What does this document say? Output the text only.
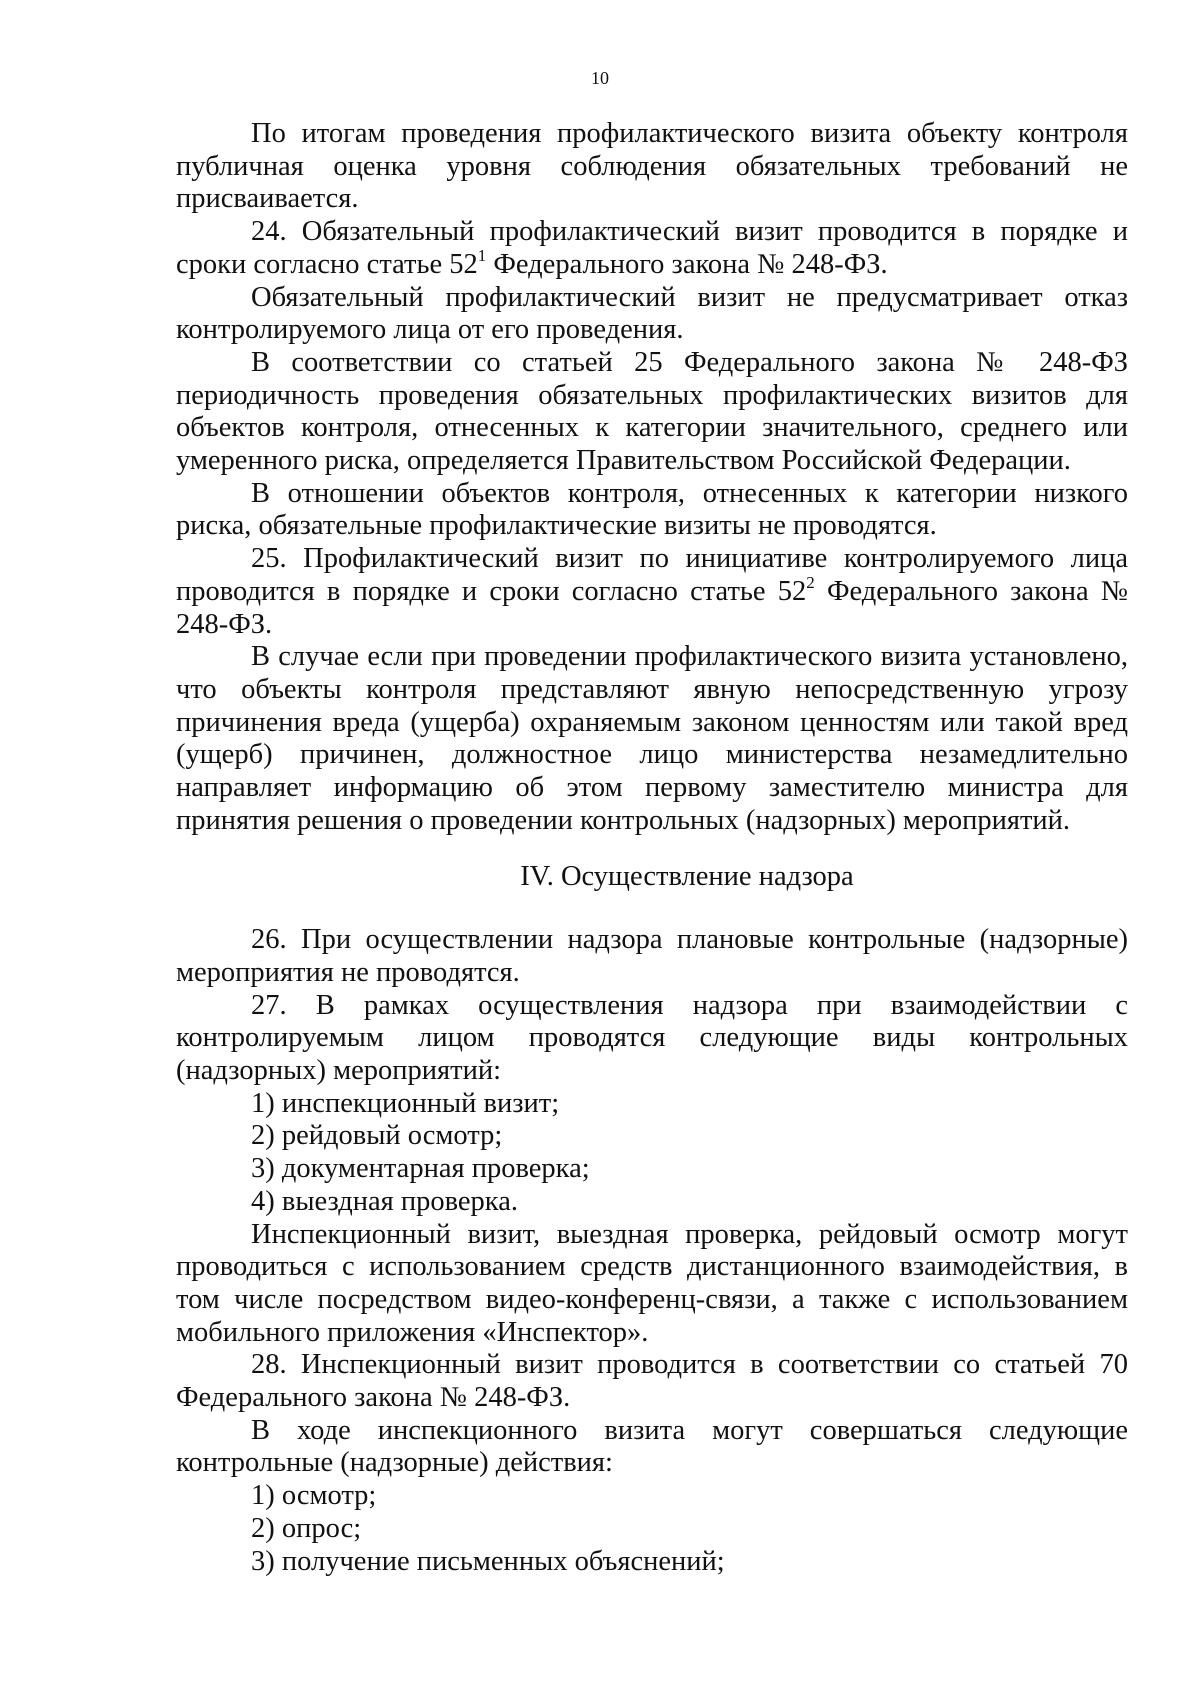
10

По итогам проведения профилактического визита объекту контроля публичная оценка уровня соблюдения обязательных требований не присваивается.

24. Обязательный профилактический визит проводится в порядке и сроки согласно статье $52^1$ Федерального закона № 248-ФЗ.

Обязательный профилактический визит не предусматривает отказ контролируемого лица от его проведения.

В соответствии со статьей 25 Федерального закона № 248-ФЗ периодичность проведения обязательных профилактических визитов для объектов контроля, отнесенных к категории значительного, среднего или умеренного риска, определяется Правительством Российской Федерации.

В отношении объектов контроля, отнесенных к категории низкого риска, обязательные профилактические визиты не проводятся.

25. Профилактический визит по инициативе контролируемого лица проводится в порядке и сроки согласно статье $52^2$ Федерального закона № 248-ФЗ.

В случае если при проведении профилактического визита установлено, что объекты контроля представляют явную непосредственную угрозу причинения вреда (ущерба) охраняемым законом ценностям или такой вред (ущерб) причинен, должностное лицо министерства незамедлительно направляет информацию об этом первому заместителю министра для принятия решения о проведении контрольных (надзорных) мероприятий.

IV. Осуществление надзора

26. При осуществлении надзора плановые контрольные (надзорные) мероприятия не проводятся.

27. В рамках осуществления надзора при взаимодействии с контролируемым лицом проводятся следующие виды контрольных (надзорных) мероприятий:

1) инспекционный визит;

2) рейдовый осмотр;

3) документарная проверка;

4) выездная проверка.

Инспекционный визит, выездная проверка, рейдовый осмотр могут проводиться с использованием средств дистанционного взаимодействия, в том числе посредством видео-конференц-связи, а также с использованием мобильного приложения «Инспектор».

28. Инспекционный визит проводится в соответствии со статьей 70 Федерального закона № 248-ФЗ.

В ходе инспекционного визита могут совершаться следующие контрольные (надзорные) действия:

1) осмотр;

2) опрос;

3) получение письменных объяснений;
